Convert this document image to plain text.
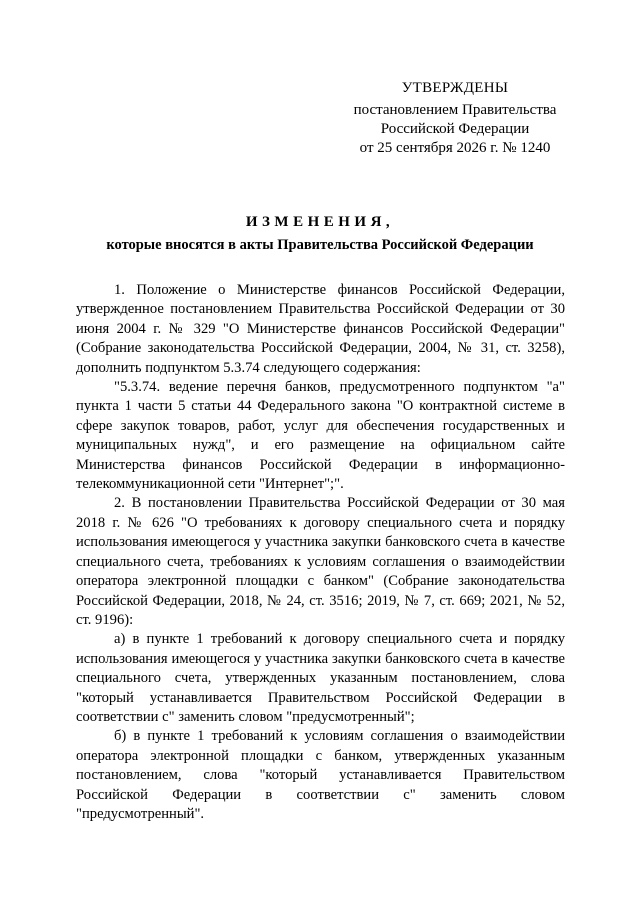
УТВЕРЖДЕНЫ
постановлением Правительства
Российской Федерации
от 25 сентября 2026 г. № 1240
ИЗМЕНЕНИЯ,
которые вносятся в акты Правительства Российской Федерации

1. Положение о Министерстве финансов Российской Федерации, утвержденное постановлением Правительства Российской Федерации от 30 июня 2004 г. № 329 "О Министерстве финансов Российской Федерации" (Собрание законодательства Российской Федерации, 2004, № 31, ст. 3258), дополнить подпунктом 5.3.74 следующего содержания:

"5.3.74. ведение перечня банков, предусмотренного подпунктом "а" пункта 1 части 5 статьи 44 Федерального закона "О контрактной системе в сфере закупок товаров, работ, услуг для обеспечения государственных и муниципальных нужд", и его размещение на официальном сайте Министерства финансов Российской Федерации в информационно-телекоммуникационной сети "Интернет";".

2. В постановлении Правительства Российской Федерации от 30 мая 2018 г. № 626 "О требованиях к договору специального счета и порядку использования имеющегося у участника закупки банковского счета в качестве специального счета, требованиях к условиям соглашения о взаимодействии оператора электронной площадки с банком" (Собрание законодательства Российской Федерации, 2018, № 24, ст. 3516; 2019, № 7, ст. 669; 2021, № 52, ст. 9196):

а) в пункте 1 требований к договору специального счета и порядку использования имеющегося у участника закупки банковского счета в качестве специального счета, утвержденных указанным постановлением, слова "который устанавливается Правительством Российской Федерации в соответствии с" заменить словом "предусмотренный";

б) в пункте 1 требований к условиям соглашения о взаимодействии оператора электронной площадки с банком, утвержденных указанным постановлением, слова "который устанавливается Правительством Российской Федерации в соответствии с" заменить словом "предусмотренный".
